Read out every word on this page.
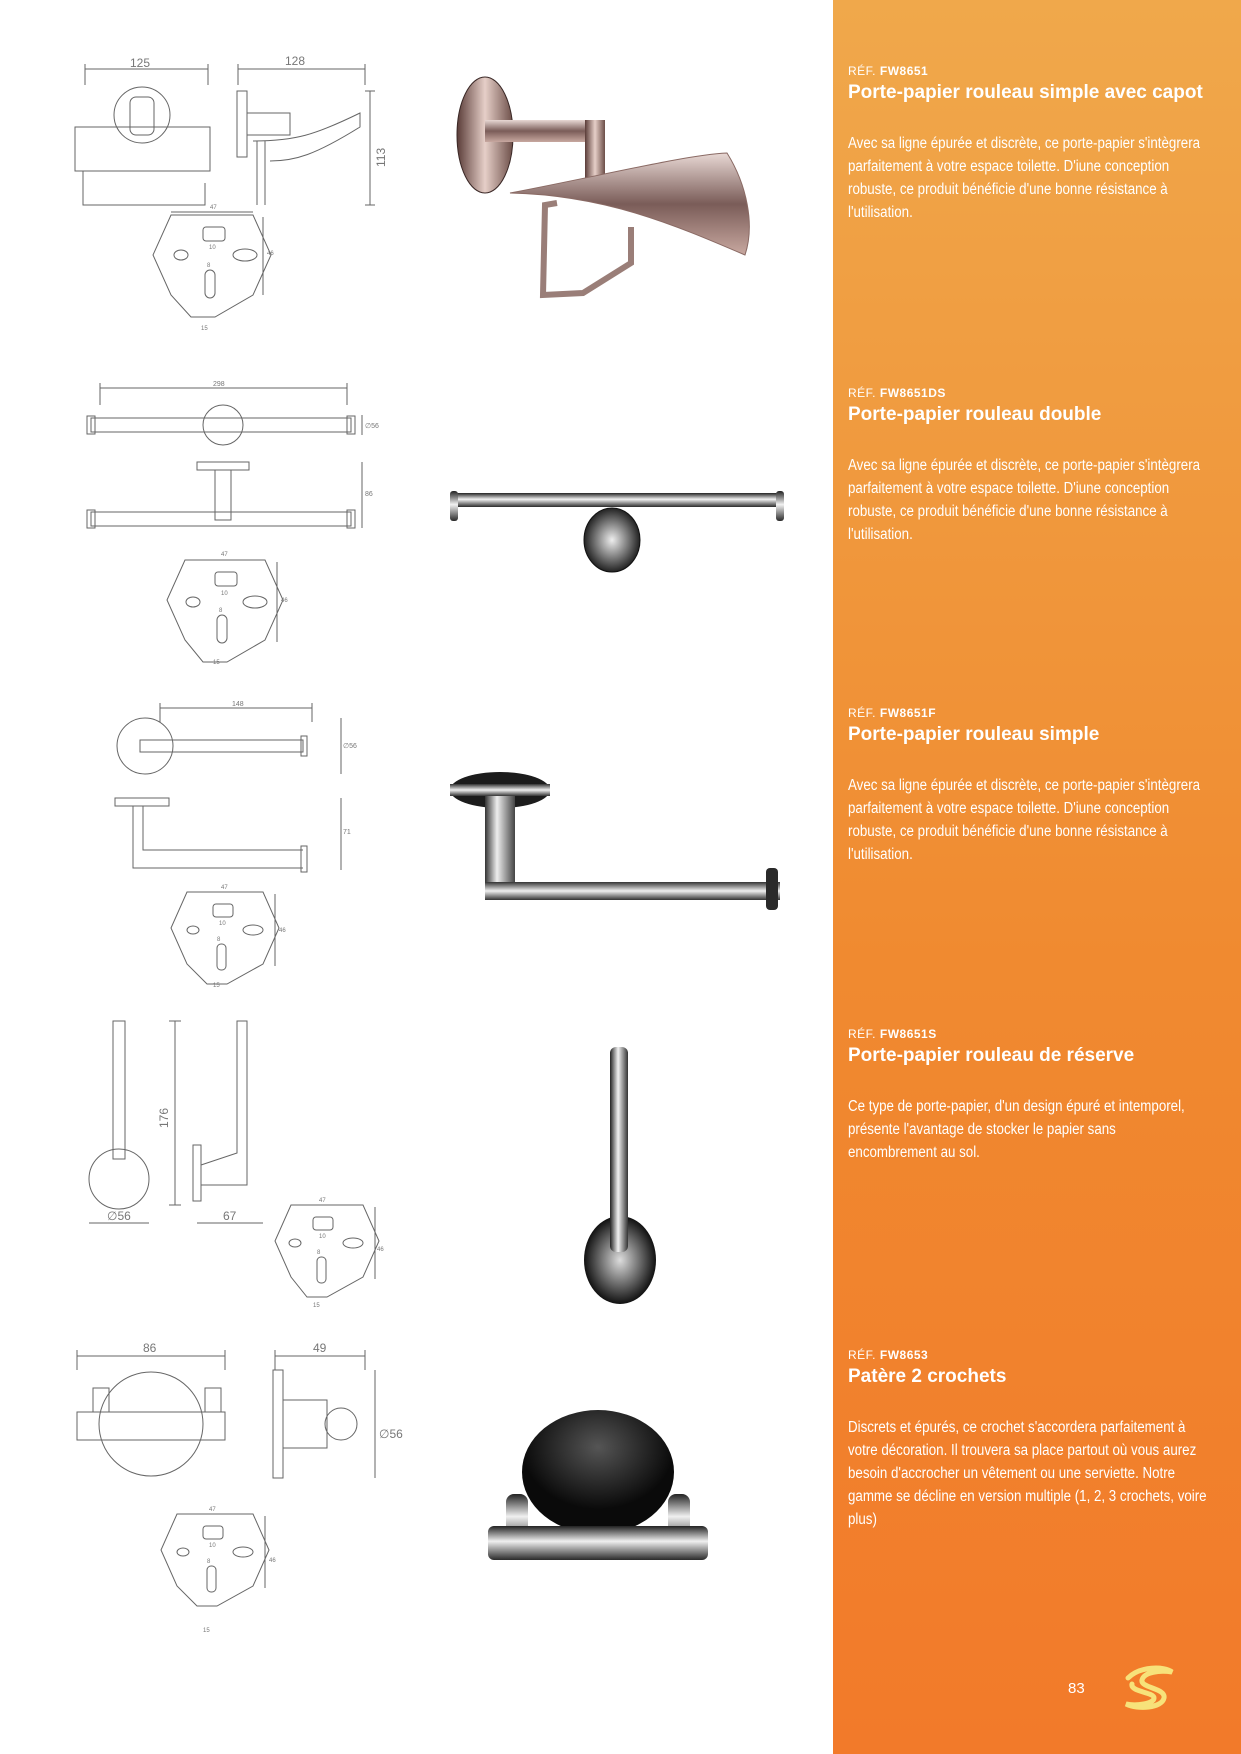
125	128
113
47
10
8
46
15
RÉF. FW8651
Porte-papier rouleau simple avec capot
Avec sa ligne épurée et discrète, ce porte-papier s'intègrera parfaitement à votre espace toilette. D'iune conception robuste, ce produit bénéficie d'une bonne résistance à l'utilisation.
298
∅56
86
47
10
8
46
15
RÉF. FW8651DS
Porte-papier rouleau double
Avec sa ligne épurée et discrète, ce porte-papier s'intègrera parfaitement à votre espace toilette. D'iune conception robuste, ce produit bénéficie d'une bonne résistance à l'utilisation.
148
∅56
71
47
10
8
46
15
RÉF. FW8651F
Porte-papier rouleau simple
Avec sa ligne épurée et discrète, ce porte-papier s'intègrera parfaitement à votre espace toilette. D'iune conception robuste, ce produit bénéficie d'une bonne résistance à l'utilisation.
176
∅56	67
47
10
8	46
15
RÉF. FW8651S
Porte-papier rouleau de réserve
Ce type de porte-papier, d'un design épuré et intemporel, présente l'avantage de stocker le papier sans encombrement au sol.
86	49
∅56
47
10
8	46
15
RÉF. FW8653
Patère 2 crochets
Discrets et épurés, ce crochet s'accordera parfaitement à votre décoration. Il trouvera sa place partout où vous aurez besoin d'accrocher un vêtement ou une serviette. Notre gamme se décline en version multiple (1, 2, 3 crochets, voire plus)
83
